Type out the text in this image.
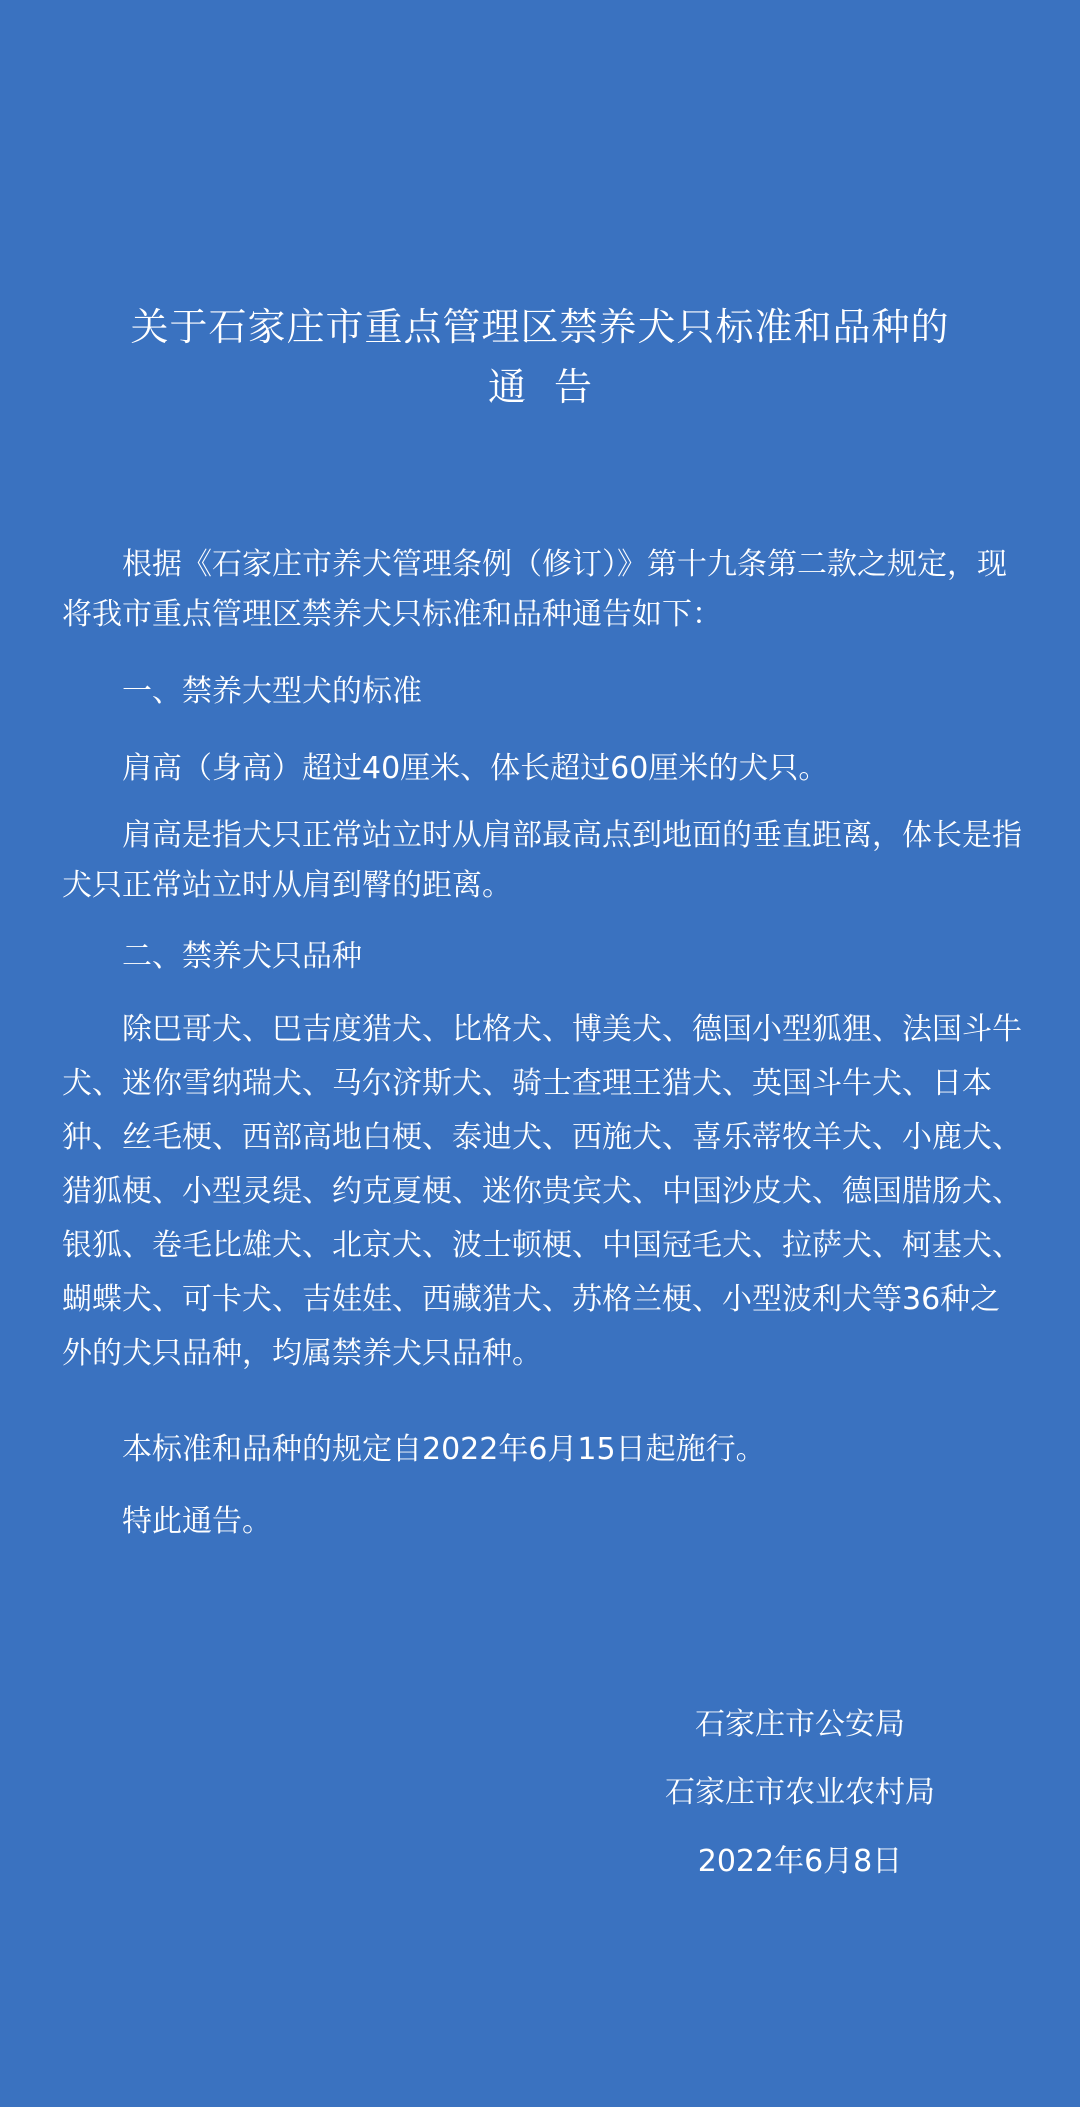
关于石家庄市重点管理区禁养犬只标准和品种的
通告

根据《石家庄市养犬管理条例（修订）》第十九条第二款之规定，现将我市重点管理区禁养犬只标准和品种通告如下：

一、禁养大型犬的标准

肩高（身高）超过40厘米、体长超过60厘米的犬只。

肩高是指犬只正常站立时从肩部最高点到地面的垂直距离，体长是指犬只正常站立时从肩到臀的距离。

二、禁养犬只品种

除巴哥犬、巴吉度猎犬、比格犬、博美犬、德国小型狐狸、法国斗牛犬、迷你雪纳瑞犬、马尔济斯犬、骑士查理王猎犬、英国斗牛犬、日本狆、丝毛梗、西部高地白梗、泰迪犬、西施犬、喜乐蒂牧羊犬、小鹿犬、猎狐梗、小型灵缇、约克夏梗、迷你贵宾犬、中国沙皮犬、德国腊肠犬、银狐、卷毛比雄犬、北京犬、波士顿梗、中国冠毛犬、拉萨犬、柯基犬、蝴蝶犬、可卡犬、吉娃娃、西藏猎犬、苏格兰梗、小型波利犬等36种之外的犬只品种，均属禁养犬只品种。

本标准和品种的规定自2022年6月15日起施行。

特此通告。

石家庄市公安局
石家庄市农业农村局
2022年6月8日
